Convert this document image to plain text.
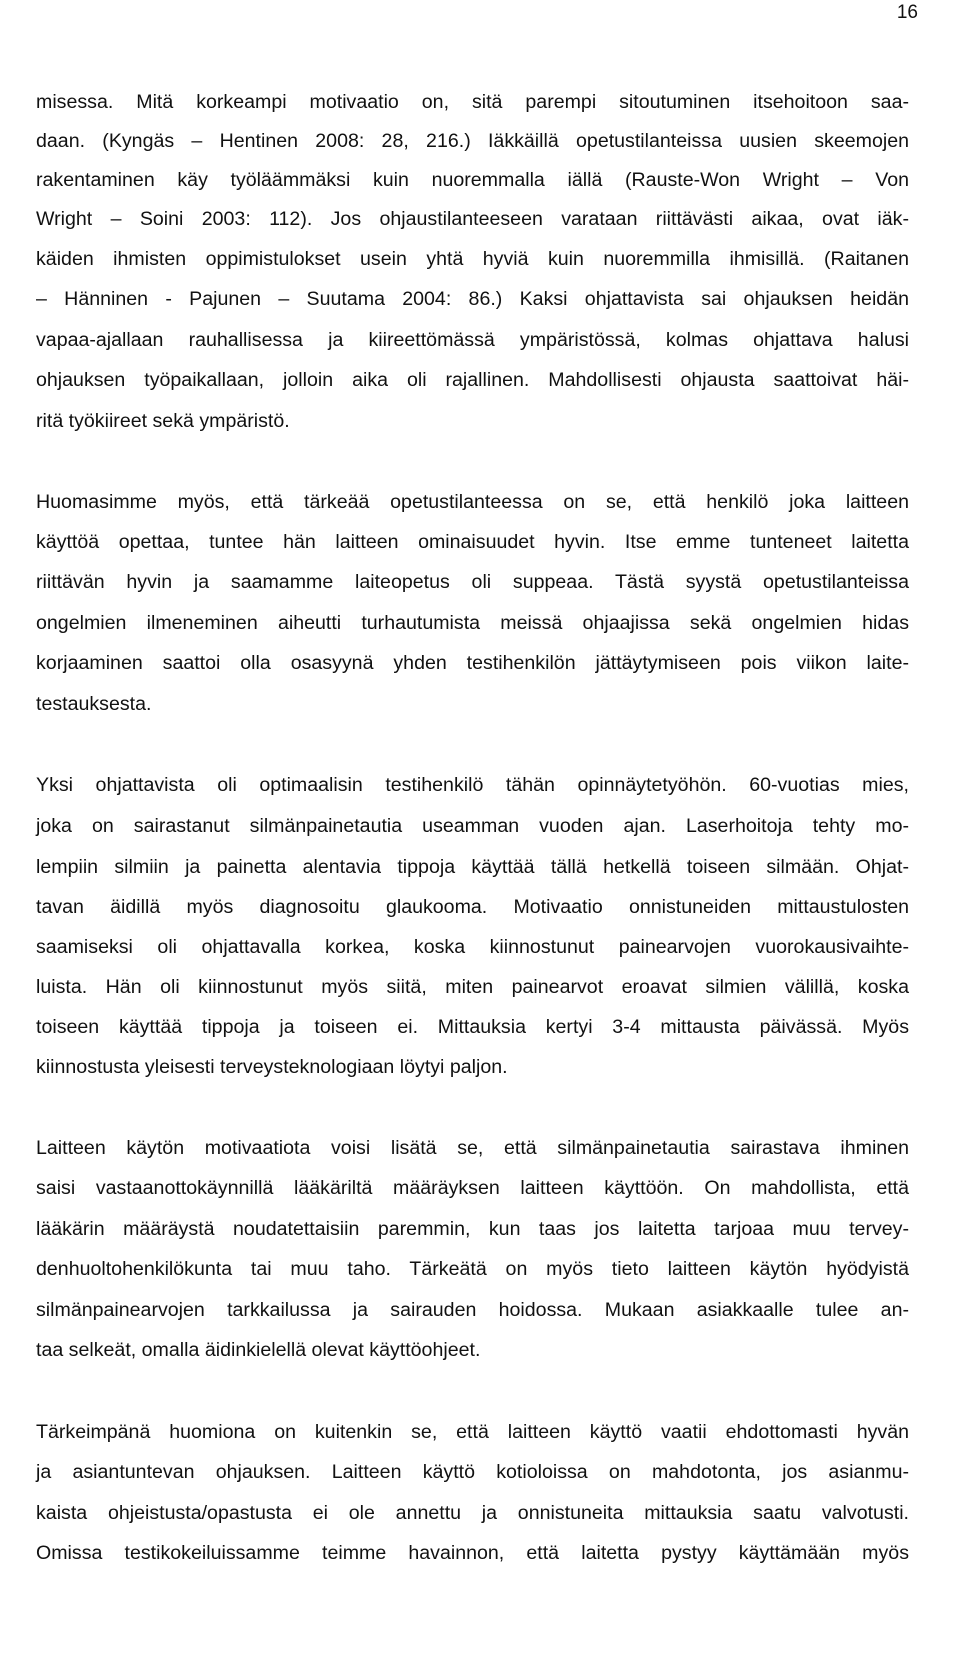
16
misessa. Mitä korkeampi motivaatio on, sitä parempi sitoutuminen itsehoitoon saa-
daan. (Kyngäs – Hentinen 2008: 28, 216.) Iäkkäillä opetustilanteissa uusien skeemojen
rakentaminen käy työläämmäksi kuin nuoremmalla iällä (Rauste-Won Wright – Von
Wright – Soini 2003: 112). Jos ohjaustilanteeseen varataan riittävästi aikaa, ovat iäk-
käiden ihmisten oppimistulokset usein yhtä hyviä kuin nuoremmilla ihmisillä. (Raitanen
– Hänninen - Pajunen – Suutama 2004: 86.) Kaksi ohjattavista sai ohjauksen heidän
vapaa-ajallaan rauhallisessa ja kiireettömässä ympäristössä, kolmas ohjattava halusi
ohjauksen työpaikallaan, jolloin aika oli rajallinen. Mahdollisesti ohjausta saattoivat häi-
ritä työkiireet sekä ympäristö.
Huomasimme myös, että tärkeää opetustilanteessa on se, että henkilö joka laitteen
käyttöä opettaa, tuntee hän laitteen ominaisuudet hyvin. Itse emme tunteneet laitetta
riittävän hyvin ja saamamme laiteopetus oli suppeaa. Tästä syystä opetustilanteissa
ongelmien ilmeneminen aiheutti turhautumista meissä ohjaajissa sekä ongelmien hidas
korjaaminen saattoi olla osasyynä yhden testihenkilön jättäytymiseen pois viikon laite-
testauksesta.
Yksi ohjattavista oli optimaalisin testihenkilö tähän opinnäytetyöhön. 60-vuotias mies,
joka on sairastanut silmänpainetautia useamman vuoden ajan. Laserhoitoja tehty mo-
lempiin silmiin ja painetta alentavia tippoja käyttää tällä hetkellä toiseen silmään. Ohjat-
tavan äidillä myös diagnosoitu glaukooma. Motivaatio onnistuneiden mittaustulosten
saamiseksi oli ohjattavalla korkea, koska kiinnostunut painearvojen vuorokausivaihte-
luista. Hän oli kiinnostunut myös siitä, miten painearvot eroavat silmien välillä, koska
toiseen käyttää tippoja ja toiseen ei. Mittauksia kertyi 3-4 mittausta päivässä. Myös
kiinnostusta yleisesti terveysteknologiaan löytyi paljon.
Laitteen käytön motivaatiota voisi lisätä se, että silmänpainetautia sairastava ihminen
saisi vastaanottokäynnillä lääkäriltä määräyksen laitteen käyttöön. On mahdollista, että
lääkärin määräystä noudatettaisiin paremmin, kun taas jos laitetta tarjoaa muu tervey-
denhuoltohenkilökunta tai muu taho. Tärkeätä on myös tieto laitteen käytön hyödyistä
silmänpainearvojen tarkkailussa ja sairauden hoidossa. Mukaan asiakkaalle tulee an-
taa selkeät, omalla äidinkielellä olevat käyttöohjeet.
Tärkeimpänä huomiona on kuitenkin se, että laitteen käyttö vaatii ehdottomasti hyvän
ja asiantuntevan ohjauksen. Laitteen käyttö kotioloissa on mahdotonta, jos asianmu-
kaista ohjeistusta/opastusta ei ole annettu ja onnistuneita mittauksia saatu valvotusti.
Omissa testikokeiluissamme teimme havainnon, että laitetta pystyy käyttämään myös
